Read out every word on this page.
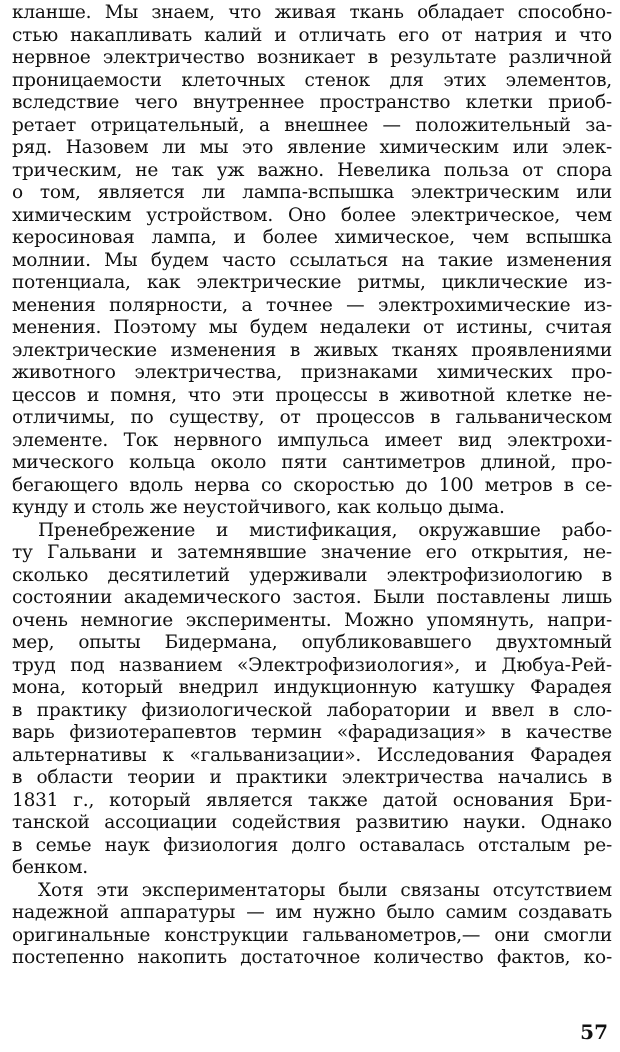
кланше. Мы знаем, что живая ткань обладает способно-
стью накапливать калий и отличать его от натрия и что
нервное электричество возникает в результате различной
проницаемости клеточных стенок для этих элементов,
вследствие чего внутреннее пространство клетки приоб-
ретает отрицательный, а внешнее — положительный за-
ряд. Назовем ли мы это явление химическим или элек-
трическим, не так уж важно. Невелика польза от спора
о том, является ли лампа-вспышка электрическим или
химическим устройством. Оно более электрическое, чем
керосиновая лампа, и более химическое, чем вспышка
молнии. Мы будем часто ссылаться на такие изменения
потенциала, как электрические ритмы, циклические из-
менения полярности, а точнее — электрохимические из-
менения. Поэтому мы будем недалеки от истины, считая
электрические изменения в живых тканях проявлениями
животного электричества, признаками химических про-
цессов и помня, что эти процессы в животной клетке не-
отличимы, по существу, от процессов в гальваническом
элементе. Ток нервного импульса имеет вид электрохи-
мического кольца около пяти сантиметров длиной, про-
бегающего вдоль нерва со скоростью до 100 метров в се-
кунду и столь же неустойчивого, как кольцо дыма.
Пренебрежение и мистификация, окружавшие рабо-
ту Гальвани и затемнявшие значение его открытия, не-
сколько десятилетий удерживали электрофизиологию в
состоянии академического застоя. Были поставлены лишь
очень немногие эксперименты. Можно упомянуть, напри-
мер, опыты Бидермана, опубликовавшего двухтомный
труд под названием «Электрофизиология», и Дюбуа-Рей-
мона, который внедрил индукционную катушку Фарадея
в практику физиологической лаборатории и ввел в сло-
варь физиотерапевтов термин «фарадизация» в качестве
альтернативы к «гальванизации». Исследования Фарадея
в области теории и практики электричества начались в
1831 г., который является также датой основания Бри-
танской ассоциации содействия развитию науки. Однако
в семье наук физиология долго оставалась отсталым ре-
бенком.
Хотя эти экспериментаторы были связаны отсутствием
надежной аппаратуры — им нужно было самим создавать
оригинальные конструкции гальванометров,— они смогли
постепенно накопить достаточное количество фактов, ко-
57
